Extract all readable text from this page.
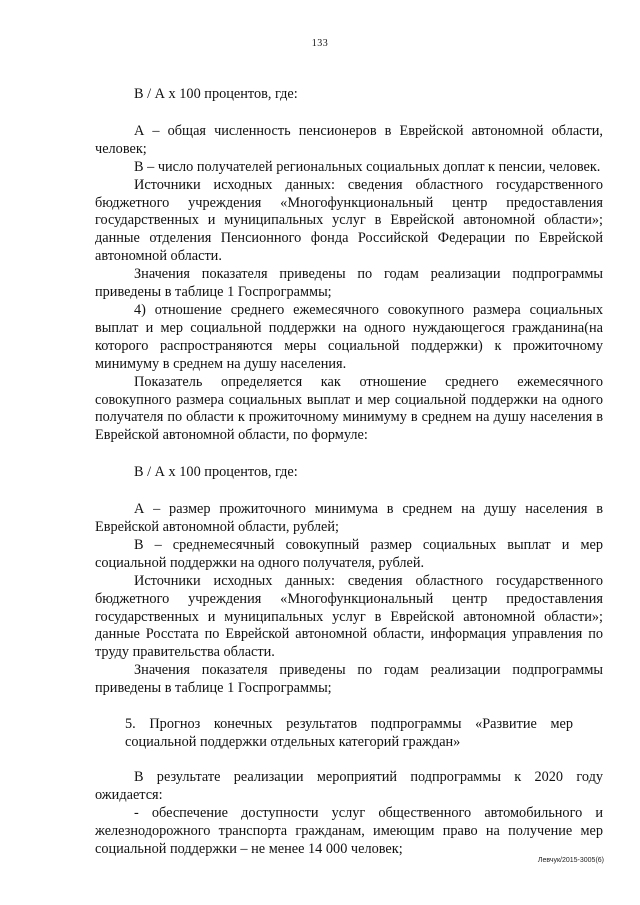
133

В / А х 100 процентов, где:

А – общая численность пенсионеров в Еврейской автономной области, человек;

В – число получателей региональных социальных доплат к пенсии, человек.

Источники исходных данных: сведения областного государственного бюджетного учреждения «Многофункциональный центр предоставления государственных и муниципальных услуг в Еврейской автономной области»; данные отделения Пенсионного фонда Российской Федерации по Еврейской автономной области.

Значения показателя приведены по годам реализации подпрограммы приведены в таблице 1 Госпрограммы;

4) отношение среднего ежемесячного совокупного размера социальных выплат и мер социальной поддержки на одного нуждающегося гражданина(на которого распространяются меры социальной поддержки) к прожиточному минимуму в среднем на душу населения.

Показатель определяется как отношение среднего ежемесячного совокупного размера социальных выплат и мер социальной поддержки на одного получателя по области к прожиточному минимуму в среднем на душу населения в Еврейской автономной области, по формуле:

В / А х 100 процентов, где:

А – размер прожиточного минимума в среднем на душу населения в Еврейской автономной области, рублей;

В – среднемесячный совокупный размер социальных выплат и мер социальной поддержки на одного получателя, рублей.

Источники исходных данных: сведения областного государственного бюджетного учреждения «Многофункциональный центр предоставления государственных и муниципальных услуг в Еврейской автономной области»; данные Росстата по Еврейской автономной области, информация управления по труду правительства области.

Значения показателя приведены по годам реализации подпрограммы приведены в таблице 1 Госпрограммы;

5. Прогноз конечных результатов подпрограммы «Развитие мер социальной поддержки отдельных категорий граждан»

В результате реализации мероприятий подпрограммы к 2020 году ожидается:

- обеспечение доступности услуг общественного автомобильного и железнодорожного транспорта гражданам, имеющим право на получение мер социальной поддержки – не менее 14 000 человек;

Левчук/2015-3005(6)
